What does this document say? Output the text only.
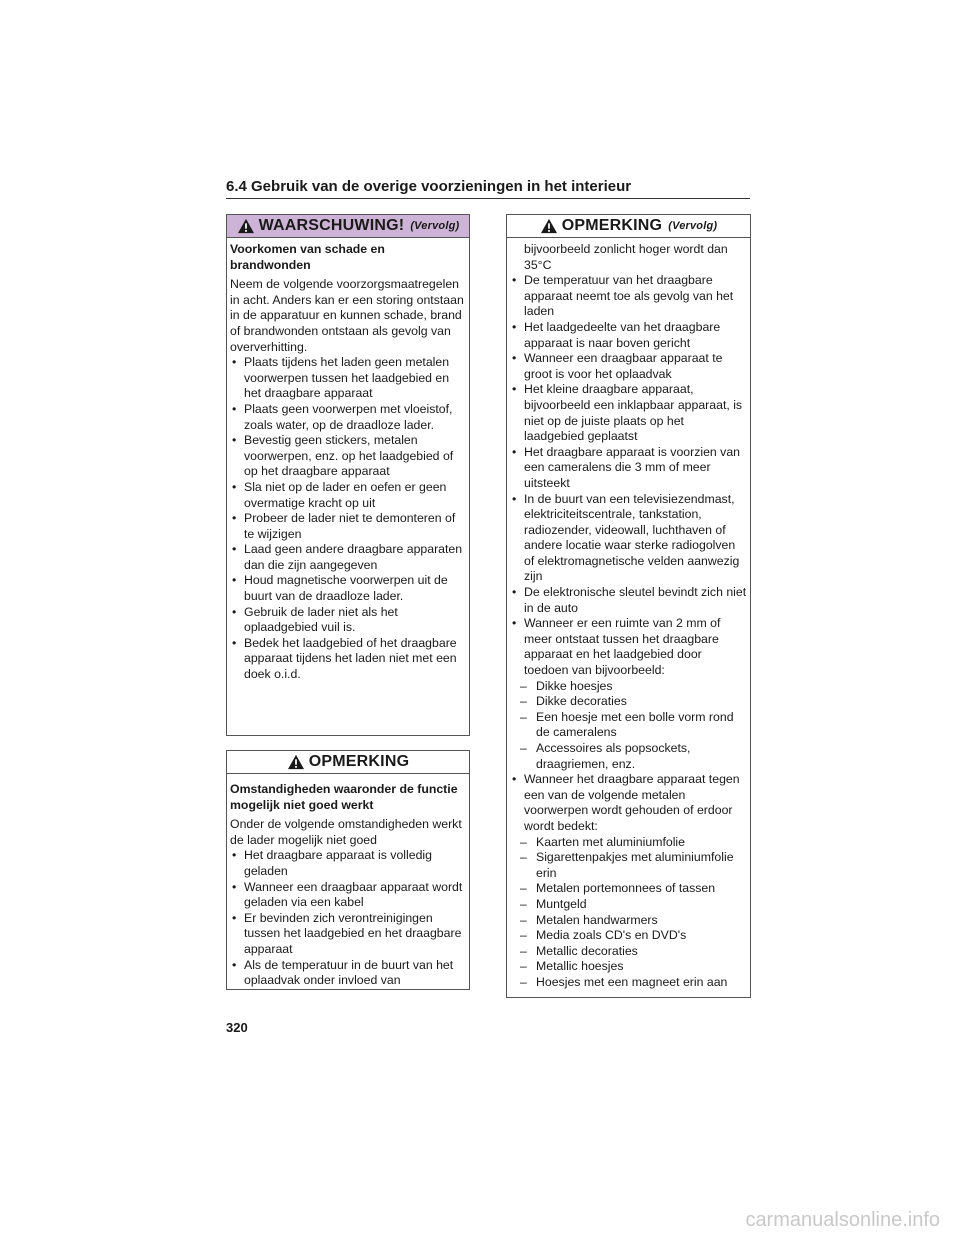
6.4 Gebruik van de overige voorzieningen in het interieur
WAARSCHUWING! (Vervolg)

Voorkomen van schade en brandwonden

Neem de volgende voorzorgsmaatregelen in acht. Anders kan er een storing ontstaan in de apparatuur en kunnen schade, brand of brandwonden ontstaan als gevolg van oververhitting.

• Plaats tijdens het laden geen metalen voorwerpen tussen het laadgebied en het draagbare apparaat
• Plaats geen voorwerpen met vloeistof, zoals water, op de draadloze lader.
• Bevestig geen stickers, metalen voorwerpen, enz. op het laadgebied of op het draagbare apparaat
• Sla niet op de lader en oefen er geen overmatige kracht op uit
• Probeer de lader niet te demonteren of te wijzigen
• Laad geen andere draagbare apparaten dan die zijn aangegeven
• Houd magnetische voorwerpen uit de buurt van de draadloze lader.
• Gebruik de lader niet als het oplaadgebied vuil is.
• Bedek het laadgebied of het draagbare apparaat tijdens het laden niet met een doek o.i.d.
OPMERKING

Omstandigheden waaronder de functie mogelijk niet goed werkt

Onder de volgende omstandigheden werkt de lader mogelijk niet goed

• Het draagbare apparaat is volledig geladen
• Wanneer een draagbaar apparaat wordt geladen via een kabel
• Er bevinden zich verontreinigingen tussen het laadgebied en het draagbare apparaat
• Als de temperatuur in de buurt van het oplaadvak onder invloed van
OPMERKING (Vervolg)
bijvoorbeeld zonlicht hoger wordt dan 35°C
• De temperatuur van het draagbare apparaat neemt toe als gevolg van het laden
• Het laadgedeelte van het draagbare apparaat is naar boven gericht
• Wanneer een draagbaar apparaat te groot is voor het oplaadvak
• Het kleine draagbare apparaat, bijvoorbeeld een inklapbaar apparaat, is niet op de juiste plaats op het laadgebied geplaatst
• Het draagbare apparaat is voorzien van een cameralens die 3 mm of meer uitsteekt
• In de buurt van een televisiezendmast, elektriciteitscentrale, tankstation, radiozender, videowall, luchthaven of andere locatie waar sterke radiogolven of elektromagnetische velden aanwezig zijn
• De elektronische sleutel bevindt zich niet in de auto
• Wanneer er een ruimte van 2 mm of meer ontstaat tussen het draagbare apparaat en het laadgebied door toedoen van bijvoorbeeld:
– Dikke hoesjes
– Dikke decoraties
– Een hoesje met een bolle vorm rond de cameralens
– Accessoires als popsockets, draagriemen, enz.
• Wanneer het draagbare apparaat tegen een van de volgende metalen voorwerpen wordt gehouden of erdoor wordt bedekt:
– Kaarten met aluminiumfolie
– Sigarettenpakjes met aluminiumfolie erin
– Metalen portemonnees of tassen
– Muntgeld
– Metalen handwarmers
– Media zoals CD's en DVD's
– Metallic decoraties
– Metallic hoesjes
– Hoesjes met een magneet erin aan
320
carmanualsonline.info
